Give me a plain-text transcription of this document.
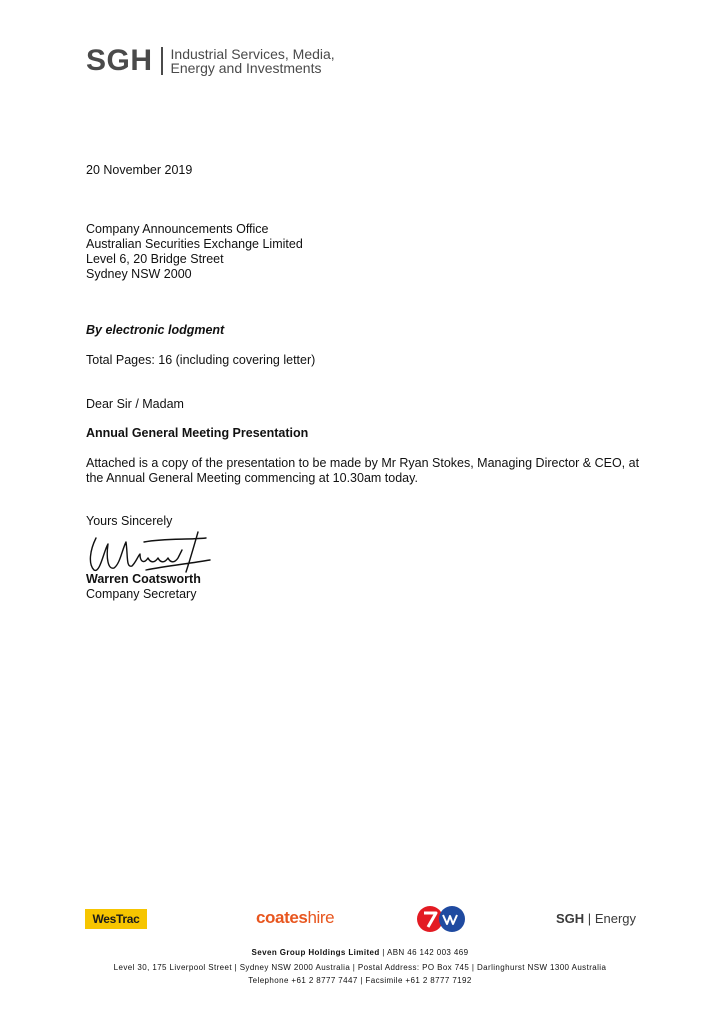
SGH Industrial Services, Media,
Energy and Investments
20 November 2019
Company Announcements Office
Australian Securities Exchange Limited
Level 6, 20 Bridge Street
Sydney NSW 2000
By electronic lodgment
Total Pages: 16 (including covering letter)
Dear Sir / Madam
Annual General Meeting Presentation
Attached is a copy of the presentation to be made by Mr Ryan Stokes, Managing Director & CEO, at the Annual General Meeting commencing at 10.30am today.
Yours Sincerely
Warren Coatsworth
Company Secretary
WesTrac	coateshire	SGH | Energy
Seven Group Holdings Limited | ABN 46 142 003 469
Level 30, 175 Liverpool Street | Sydney NSW 2000 Australia | Postal Address: PO Box 745 | Darlinghurst NSW 1300 Australia
Telephone +61 2 8777 7447 | Facsimile +61 2 8777 7192
